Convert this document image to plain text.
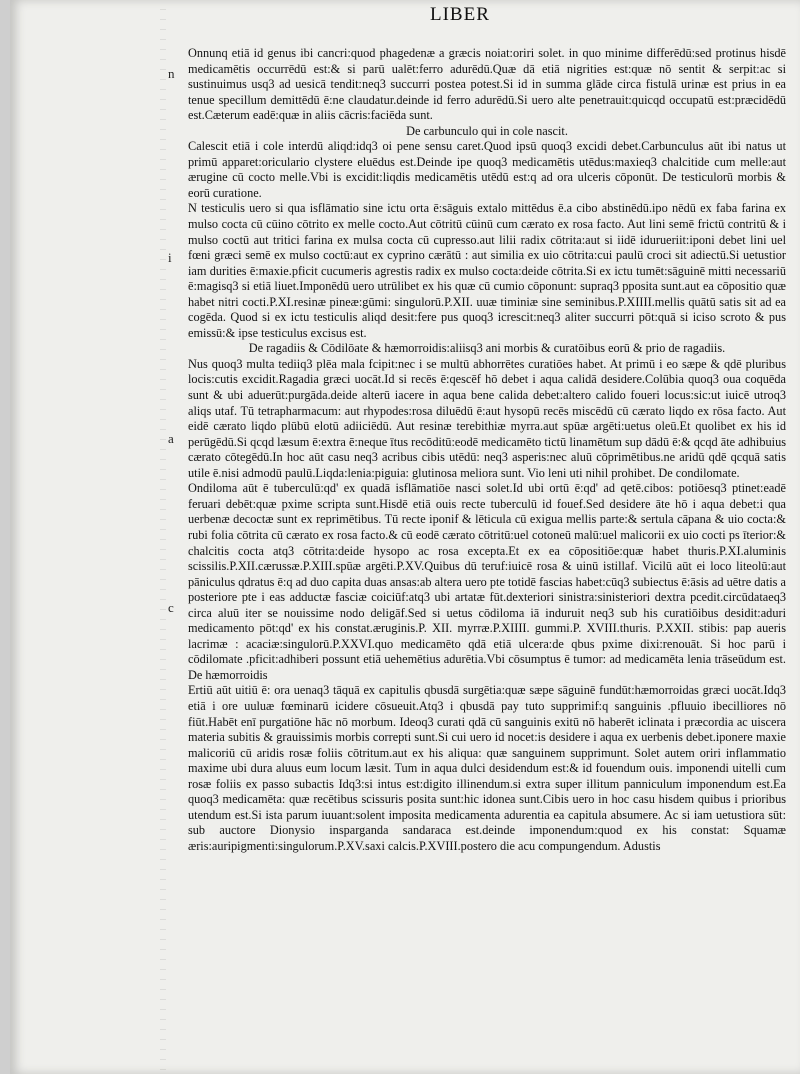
LIBER
n
i
a
c

Onnunq etiā id genus ibi cancri:quod phagedenæ a græcis noiat:oriri solet. in quo minime differēdū:sed protinus hisdē medicamētis occurrēdū est:& si parū ualēt:ferro adurēdū.Quæ dā etiā nigrities est:quæ nō sentit & serpit:ac si sustinuimus usq3 ad uesicā tendit:neq3 succurri postea potest.Si id in summa glāde circa fistulā urinæ est prius in ea tenue specillum demittēdū ē:ne claudatur.deinde id ferro adurēdū.Si uero alte penetrauit:quicqd occupatū est:præcidēdū est.Cæterum eadē:quæ in aliis cācris:faciēda sunt.

De carbunculo qui in cole nascit.

Calescit etiā i cole interdū aliqd:idq3 oi pene sensu caret.Quod ipsū quoq3 excidi debet.Carbunculus aūt ibi natus ut primū apparet:oriculario clystere eluēdus est.Deinde ipe quoq3 medicamētis utēdus:maxieq3 chalcitide cum melle:aut ærugine cū cocto melle.Vbi is excidit:liqdis medicamētis utēdū est:q ad ora ulceris cōponūt. De testiculorū morbis & eorū curatione.

N testiculis uero si qua isflāmatio sine ictu orta ē:sāguis extalo mittēdus ē.a cibo abstinēdū.ipo nēdū ex faba farina ex mulso cocta cū cūino cōtrito ex melle cocto.Aut cōtritū cūinū cum cærato ex rosa facto. Aut lini semē frictū contritū & i mulso coctū aut tritici farina ex mulsa cocta cū cupresso.aut lilii radix cōtrita:aut si iidē idurueriit:iponi debet lini uel fœni græci semē ex mulso coctū:aut ex cyprino cærātū : aut similia ex uio cōtrita:cui paulū croci sit adiectū.Si uetustior iam durities ē:maxie.pficit cucumeris agrestis radix ex mulso cocta:deide cōtrita.Si ex ictu tumēt:sāguinē mitti necessariū ē:magisq3 si etiā liuet.Imponēdū uero utrūlibet ex his quæ cū cumio cōponunt: supraq3 pposita sunt.aut ea cōpositio quæ habet nitri cocti.P.XI.resinæ pineæ:gūmi: singulorū.P.XII. uuæ timiniæ sine seminibus.P.XIIII.mellis quātū satis sit ad ea cogēda. Quod si ex ictu testiculis aliqd desit:fere pus quoq3 icrescit:neq3 aliter succurri pōt:quā si iciso scroto & pus emissū:& ipse testiculus excisus est.

De ragadiis & Cōdilōate & hæmorroidis:aliisq3 ani morbis & curatōibus eorū & prio de ragadiis.

Nus quoq3 multa tediiq3 plēa mala fcipit:nec i se multū abhorrētes curatiōes habet. At primū i eo sæpe & qdē pluribus locis:cutis excidit.Ragadia græci uocāt.Id si recēs ē:qescēf hō debet i aqua calidā desidere.Colūbia quoq3 oua coquēda sunt & ubi aduerūt:purgāda.deide alterū iacere in aqua bene calida debet:altero calido foueri locus:sic:ut iuicē utroq3 aliqs utaf. Tū tetrapharmacum: aut rhypodes:rosa diluēdū ē:aut hysopū recēs miscēdū cū cærato liqdo ex rōsa facto. Aut eidē cærato liqdo plūbū elotū adiiciēdū. Aut resinæ terebithiæ myrra.aut spūæ argēti:uetus oleū.Et quolibet ex his id perūgēdū.Si qcqd læsum ē:extra ē:neque ītus recōditū:eodē medicamēto tictū linamētum sup dādū ē:& qcqd āte adhibuius cærato cōtegēdū.In hoc aūt casu neq3 acribus cibis utēdū: neq3 asperis:nec aluū cōprimētibus.ne aridū qdē qcquā satis utile ē.nisi admodū paulū.Liqda:lenia:piguia: glutinosa meliora sunt. Vio leni uti nihil prohibet. De condilomate.

Ondiloma aūt ē tuberculū:qd' ex quadā isflāmatiōe nasci solet.Id ubi ortū ē:qd' ad qetē.cibos: potiōesq3 ptinet:eadē feruari debēt:quæ pxime scripta sunt.Hisdē etiā ouis recte tuberculū id fouef.Sed desidere āte hō i aqua debet:i qua uerbenæ decoctæ sunt ex reprimētibus. Tū recte iponif & lēticula cū exigua mellis parte:& sertula cāpana & uio cocta:& rubi folia cōtrita cū cærato ex rosa facto.& cū eodē cærato cōtritū:uel cotoneū malū:uel malicorii ex uio cocti ps īterior:& chalcitis cocta atq3 cōtrita:deide hysopo ac rosa excepta.Et ex ea cōpositiōe:quæ habet thuris.P.XI.aluminis scissilis.P.XII.cærussæ.P.XIII.spūæ argēti.P.XV.Quibus dū teruf:iuicē rosa & uinū istillaf. Vicilū aūt ei loco liteolū:aut pāniculus qdratus ē:q ad duo capita duas ansas:ab altera uero pte totidē fascias habet:cūq3 subiectus ē:āsis ad uētre datis a posteriore pte i eas adductæ fasciæ coiciūf:atq3 ubi artatæ fūt.dexteriori sinistra:sinisteriori dextra pcedit.circūdataeq3 circa aluū iter se nouissime nodo deligāf.Sed si uetus cōdiloma iā induruit neq3 sub his curatiōibus desidit:aduri medicamento pōt:qd' ex his constat.æruginis.P. XII. myrræ.P.XIIII. gummi.P. XVIII.thuris. P.XXII. stibis: pap aueris lacrimæ : acaciæ:singulorū.P.XXVI.quo medicamēto qdā etiā ulcera:de qbus pxime dixi:renouāt. Si hoc parū i cōdilomate .pficit:adhiberi possunt etiā uehemētius adurētia.Vbi cōsumptus ē tumor: ad medicamēta lenia trāseūdum est. De hæmorroidis

Ertiū aūt uitiū ē: ora uenaq3 tāquā ex capitulis qbusdā surgētia:quæ sæpe sāguinē fundūt:hæmorroidas græci uocāt.Idq3 etiā i ore uuluæ fœminarū icidere cōsueuit.Atq3 i qbusdā pay tuto supprimif:q sanguinis .pfluuio ibecilliores nō fiūt.Habēt enī purgatiōne hāc nō morbum. Ideoq3 curati qdā cū sanguinis exitū nō haberēt iclinata i præcordia ac uiscera materia subitis & grauissimis morbis correpti sunt.Si cui uero id nocet:is desidere i aqua ex uerbenis debet.iponere maxie malicoriū cū aridis rosæ foliis cōtritum.aut ex his aliqua: quæ sanguinem supprimunt. Solet autem oriri inflammatio maxime ubi dura aluus eum locum læsit. Tum in aqua dulci desidendum est:& id fouendum ouis. imponendi uitelli cum rosæ foliis ex passo subactis Idq3:si intus est:digito illinendum.si extra super illitum panniculum imponendum est.Ea quoq3 medicamēta: quæ recētibus scissuris posita sunt:hic idonea sunt.Cibis uero in hoc casu hisdem quibus i prioribus utendum est.Si ista parum iuuant:solent imposita medicamenta adurentia ea capitula absumere. Ac si iam uetustiora sūt: sub auctore Dionysio insparganda sandaraca est.deinde imponendum:quod ex his constat: Squamæ æris:auripigmenti:singulorum.P.XV.saxi calcis.P.XVIII.postero die acu compungendum. Adustis
